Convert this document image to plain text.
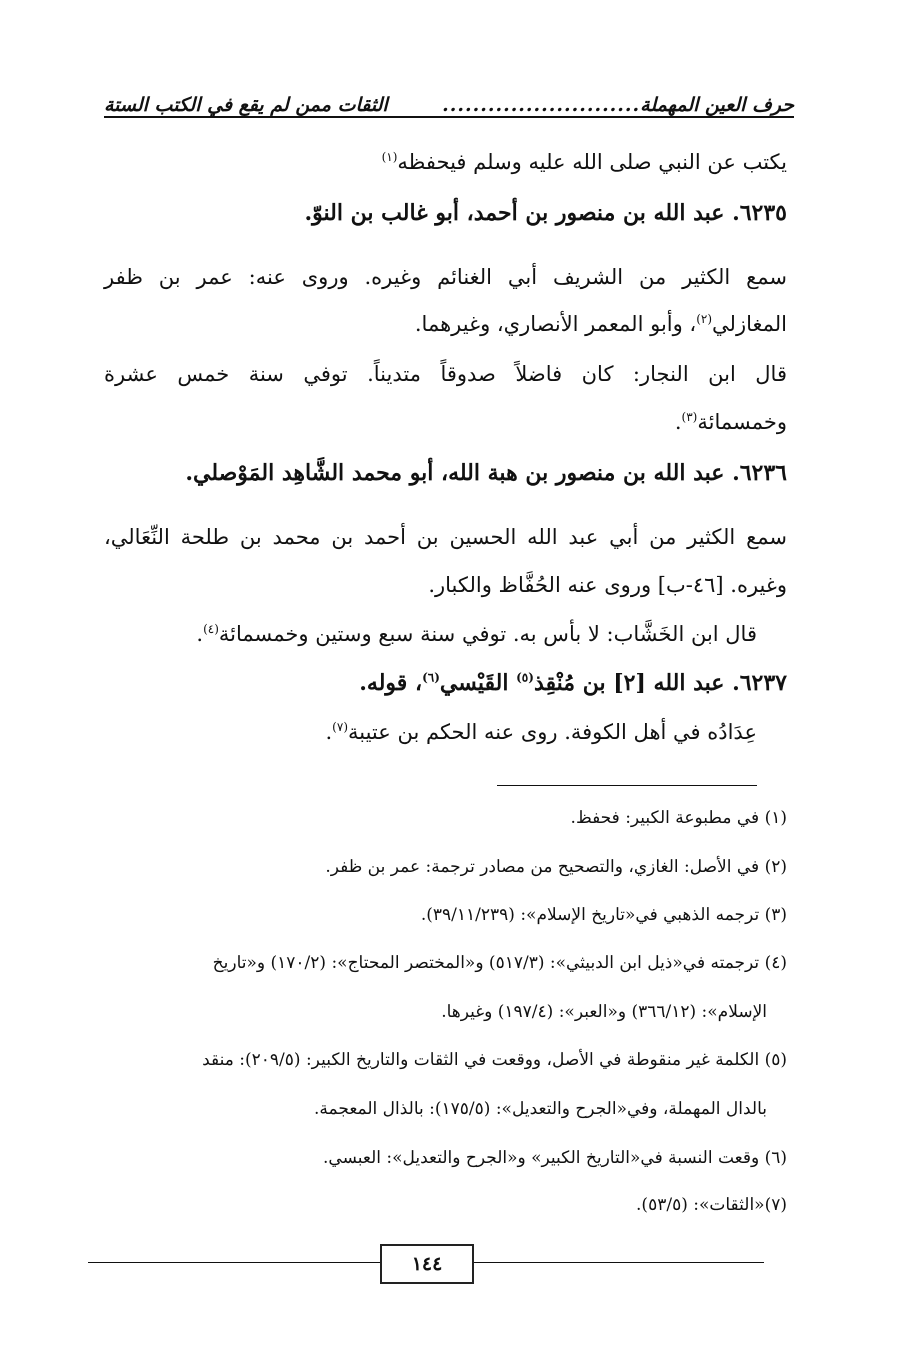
حرف العين المهملة
..........................
الثقات ممن لم يقع في الكتب الستة
يكتب عن النبي صلى الله عليه وسلم فيحفظه$^{(١)}$
٦٢٣٥. عبد الله بن منصور بن أحمد، أبو غالب بن النوّ.
سمع الكثير من الشريف أبي الغنائم وغيره. وروى عنه: عمر بن ظفر
المغازلي$^{(٢)}$، وأبو المعمر الأنصاري، وغيرهما.
قال ابن النجار: كان فاضلاً صدوقاً متديناً. توفي سنة خمس عشرة
وخمسمائة$^{(٣)}$.
٦٢٣٦. عبد الله بن منصور بن هبة الله، أبو محمد الشَّاهِد المَوْصلي.
سمع الكثير من أبي عبد الله الحسين بن أحمد بن محمد بن طلحة النِّعَالي،
وغيره. [٤٦-ب] وروى عنه الحُفَّاظ والكبار.
قال ابن الخَشَّاب: لا بأس به. توفي سنة سبع وستين وخمسمائة$^{(٤)}$.
٦٢٣٧. عبد الله [٢] بن مُنْقِذ$^{(٥)}$ القَيْسي$^{(٦)}$، قوله.
عِدَادُه في أهل الكوفة. روى عنه الحكم بن عتيبة$^{(٧)}$.
(١) في مطبوعة الكبير: فحفظ.
(٢) في الأصل: الغازي، والتصحيح من مصادر ترجمة: عمر بن ظفر.
(٣) ترجمه الذهبي في«تاريخ الإسلام»: (٣٩/١١/٢٣٩).
(٤) ترجمته في«ذيل ابن الدبيثي»: (٥١٧/٣) و«المختصر المحتاج»: (١٧٠/٢) و«تاريخ
الإسلام»: (٣٦٦/١٢) و«العبر»: (١٩٧/٤) وغيرها.
(٥) الكلمة غير منقوطة في الأصل، ووقعت في الثقات والتاريخ الكبير: (٢٠٩/٥): منقد
بالدال المهملة، وفي«الجرح والتعديل»: (١٧٥/٥): بالذال المعجمة.
(٦) وقعت النسبة في«التاريخ الكبير» و«الجرح والتعديل»: العبسي.
(٧)«الثقات»: (٥٣/٥).
١٤٤
